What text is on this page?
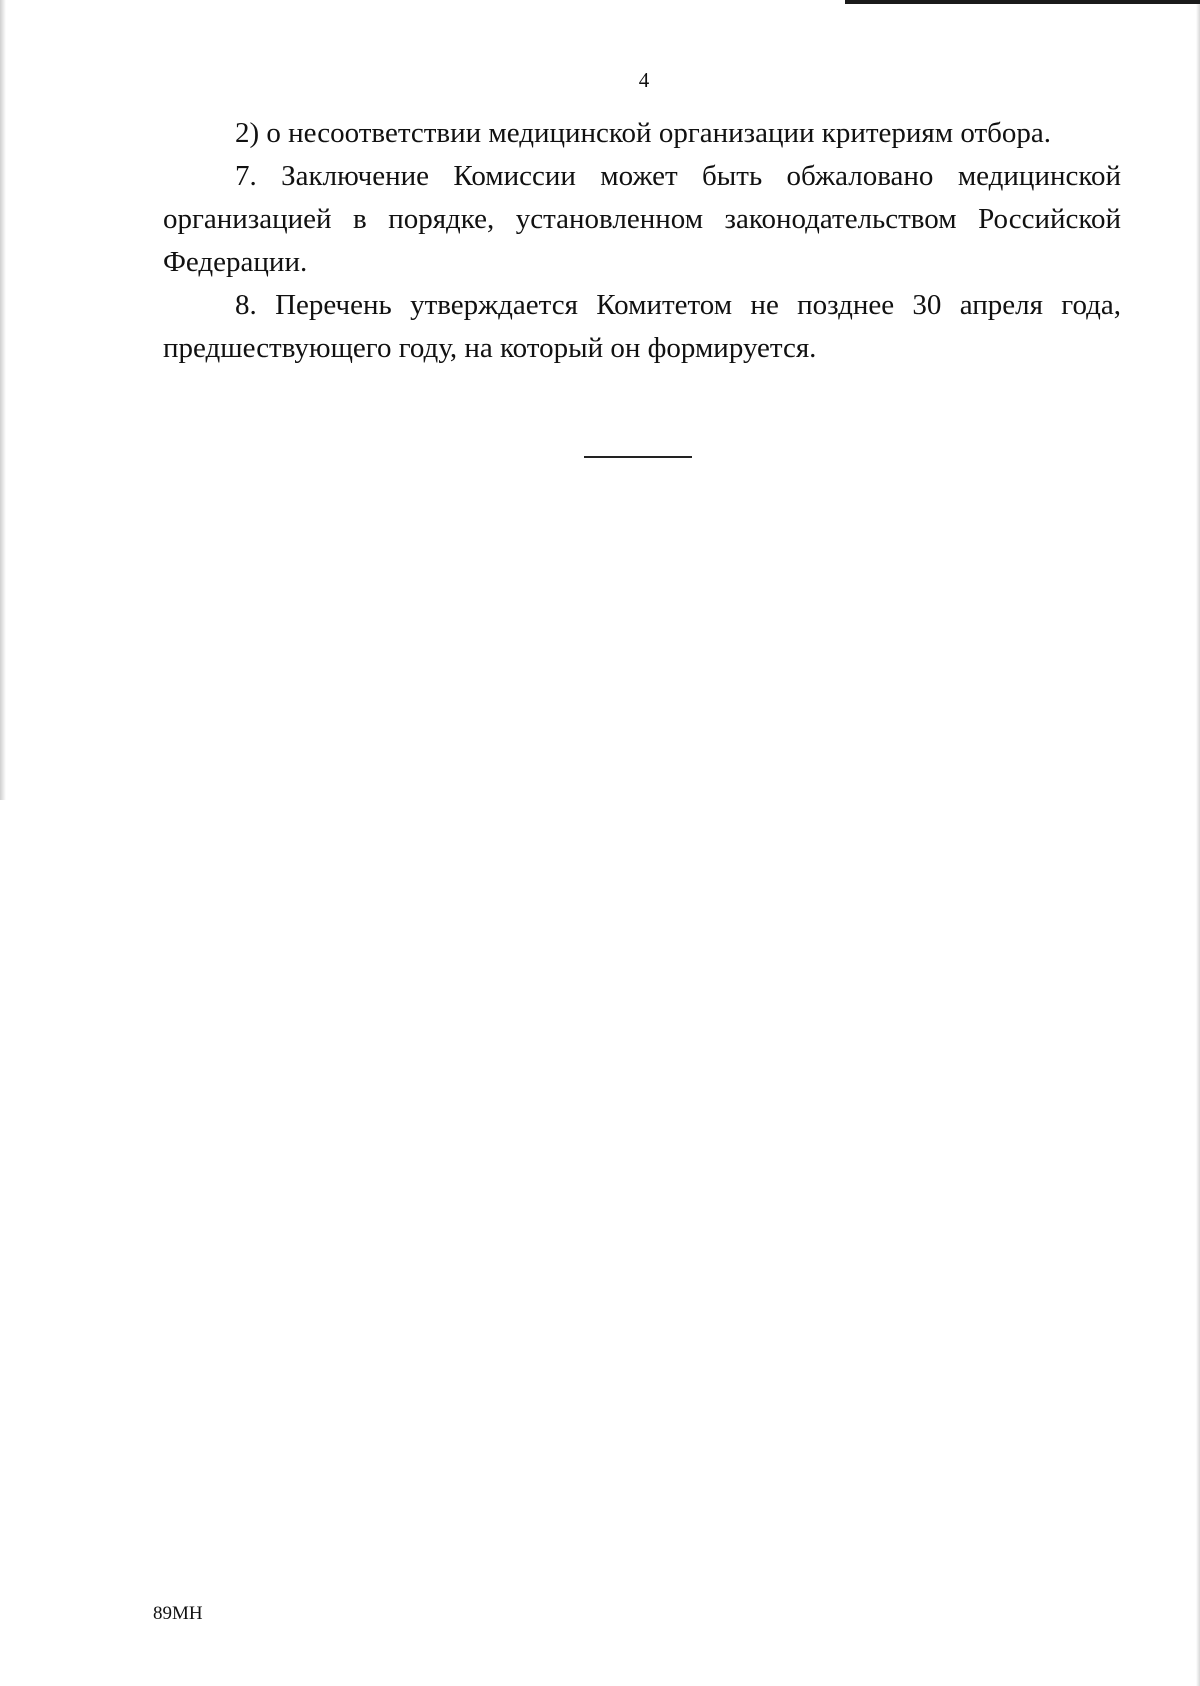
4

2) о несоответствии медицинской организации критериям отбора.

7. Заключение Комиссии может быть обжаловано медицинской организацией в порядке, установленном законодательством Российской Федерации.

8. Перечень утверждается Комитетом не позднее 30 апреля года, предшествующего году, на который он формируется.

89МН
